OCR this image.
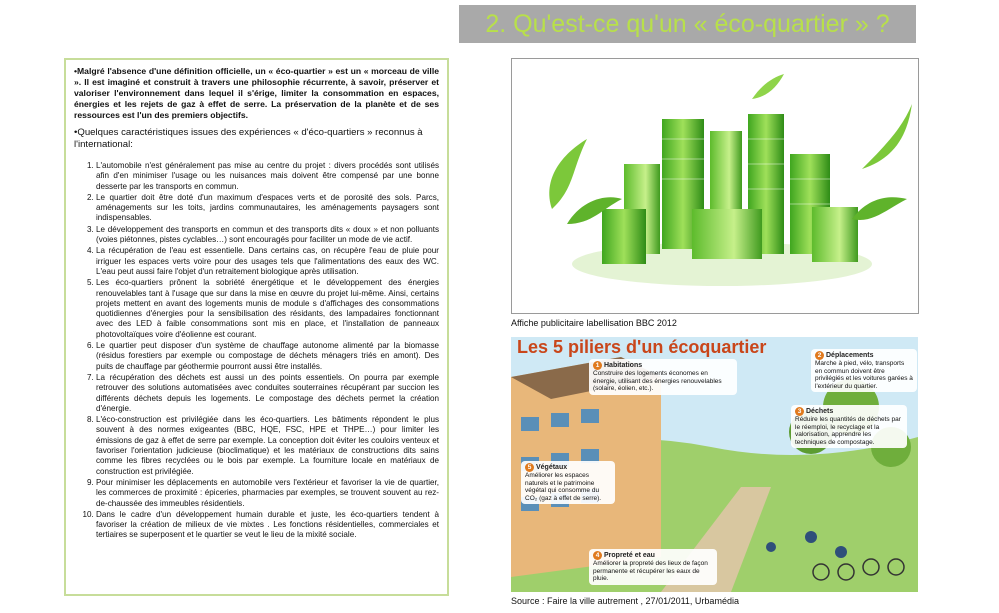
2. Qu'est-ce qu'un « éco-quartier » ?

•Malgré l'absence d'une définition officielle, un « éco-quartier » est un « morceau de ville ». Il est imaginé et construit à travers une philosophie récurrente, à savoir, préserver et valoriser l'environnement dans lequel il s'érige, limiter la consommation en espaces, énergies et les rejets de gaz à effet de serre. La préservation de la planète et de ses ressources est l'un des premiers objectifs.

•Quelques caractéristiques issues des expériences « d'éco-quartiers » reconnus à l'international:

1. L'automobile n'est généralement pas mise au centre du projet : divers procédés sont utilisés afin d'en minimiser l'usage ou les nuisances mais doivent être compensé par une bonne desserte par les transports en commun.
2. Le quartier doit être doté d'un maximum d'espaces verts et de porosité des sols. Parcs, aménagements sur les toits, jardins communautaires, les aménagements paysagers sont indispensables.
3. Le développement des transports en commun et des transports dits « doux » et non polluants (voies piétonnes, pistes cyclables…) sont encouragés pour faciliter un mode de vie actif.
4. La récupération de l'eau est essentielle. Dans certains cas, on récupère l'eau de pluie pour irriguer les espaces verts voire pour des usages tels que l'alimentations des eaux des WC. L'eau peut aussi faire l'objet d'un retraitement biologique après utilisation.
5. Les éco-quartiers prônent la sobriété énergétique et le développement des énergies renouvelables tant à l'usage que sur dans la mise en œuvre du projet lui-même. Ainsi, certains projets mettent en avant des logements munis de module s d'affichages des consommations quotidiennes d'énergies pour la sensibilisation des résidants, des lampadaires fonctionnant avec des LED à faible consommations sont mis en place, et l'installation de panneaux photovoltaïques voire d'éolienne est courant.
6. Le quartier peut disposer d'un système de chauffage autonome alimenté par la biomasse (résidus forestiers par exemple ou compostage de déchets ménagers triés en amont). Des puits de chauffage par géothermie pourront aussi être installés.
7. La récupération des déchets est aussi un des points essentiels. On pourra par exemple retrouver des solutions automatisées avec conduites souterraines récupérant par succion les différents déchets depuis les logements. Le compostage des déchets permet la création d'énergie.
8. L'éco-construction est privilégiée dans les éco-quartiers. Les bâtiments répondent le plus souvent à des normes exigeantes (BBC, HQE, FSC, HPE et THPE…) pour limiter les émissions de gaz à effet de serre par exemple. La conception doit éviter les couloirs venteux et favoriser l'orientation judicieuse (bioclimatique) et les matériaux de constructions dits sains comme les fibres recyclées ou le bois par exemple. La fourniture locale en matériaux de construction est privilégiée.
9. Pour minimiser les déplacements en automobile vers l'extérieur et favoriser la vie de quartier, les commerces de proximité : épiceries, pharmacies par exemples, se trouvent souvent au rez-de-chaussée des immeubles résidentiels.
10. Dans le cadre d'un développement humain durable et juste, les éco-quartiers tendent à favoriser la création de milieux de vie mixtes . Les fonctions résidentielles, commerciales et tertiaires se superposent et le quartier se veut le lieu de la mixité sociale.
Affiche publicitaire labellisation BBC 2012
Les 5 piliers d'un écoquartier
1 Habitations
Construire des logements économes en énergie, utilisant des énergies renouvelables (solaire, éolien, etc.).
2 Déplacements
Marche à pied, vélo, transports en commun doivent être privilégiés et les voitures garées à l'extérieur du quartier.
3 Déchets
Réduire les quantités de déchets par le réemploi, le recyclage et la valorisation, apprendre les techniques de compostage.
4 Propreté et eau
Améliorer la propreté des lieux de façon permanente et récupérer les eaux de pluie.
5 Végétaux
Améliorer les espaces naturels et le patrimoine végétal qui consomme du CO₂ (gaz à effet de serre).
Source : Faire la ville autrement , 27/01/2011, Urbamédia
